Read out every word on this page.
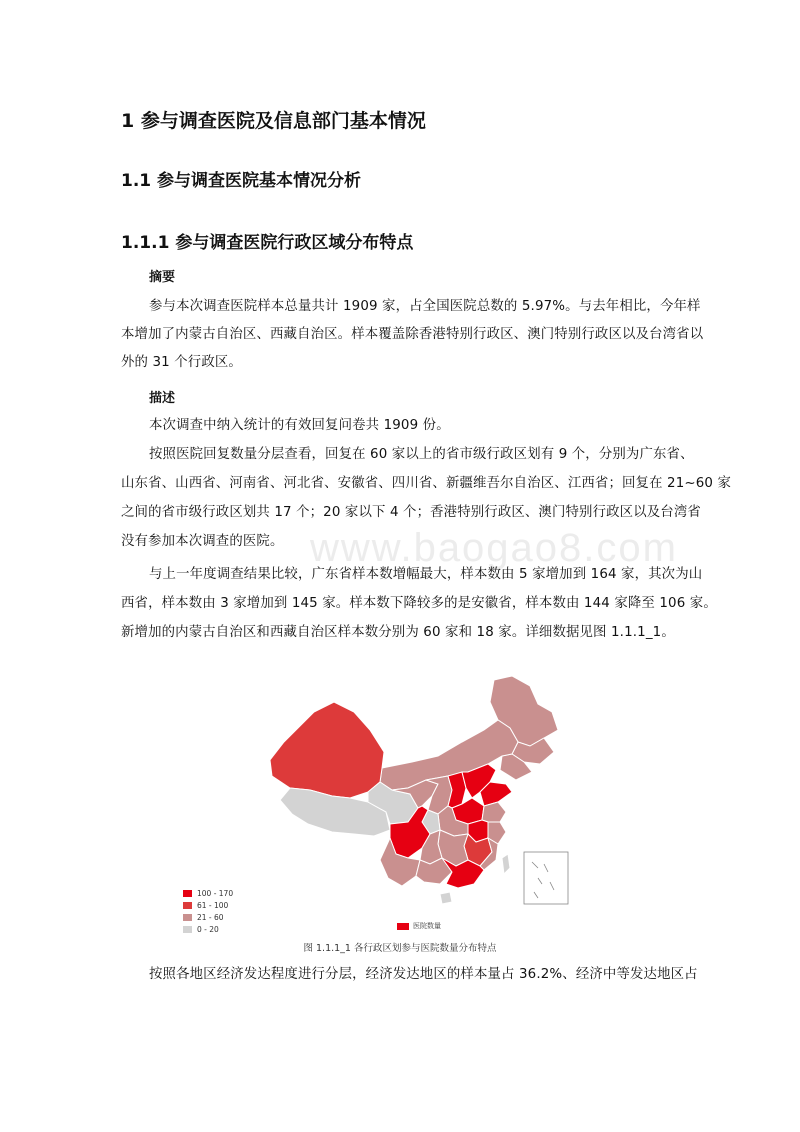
1 参与调查医院及信息部门基本情况
1.1 参与调查医院基本情况分析
1.1.1 参与调查医院行政区域分布特点
摘要
参与本次调查医院样本总量共计 1909 家，占全国医院总数的 5.97%。与去年相比，今年样
本增加了内蒙古自治区、西藏自治区。样本覆盖除香港特别行政区、澳门特别行政区以及台湾省以
外的 31 个行政区。
描述
www.baogao8.com
本次调查中纳入统计的有效回复问卷共 1909 份。
按照医院回复数量分层查看，回复在 60 家以上的省市级行政区划有 9 个，分别为广东省、
山东省、山西省、河南省、河北省、安徽省、四川省、新疆维吾尔自治区、江西省；回复在 21~60 家
之间的省市级行政区划共 17 个；20 家以下 4 个；香港特别行政区、澳门特别行政区以及台湾省
没有参加本次调查的医院。
与上一年度调查结果比较，广东省样本数增幅最大，样本数由 5 家增加到 164 家，其次为山
西省，样本数由 3 家增加到 145 家。样本数下降较多的是安徽省，样本数由 144 家降至 106 家。
新增加的内蒙古自治区和西藏自治区样本数分别为 60 家和 18 家。详细数据见图 1.1.1_1。
100 - 170
61 - 100
21 - 60
0 - 20	医院数量
图 1.1.1_1 各行政区划参与医院数量分布特点
按照各地区经济发达程度进行分层，经济发达地区的样本量占 36.2%、经济中等发达地区占
